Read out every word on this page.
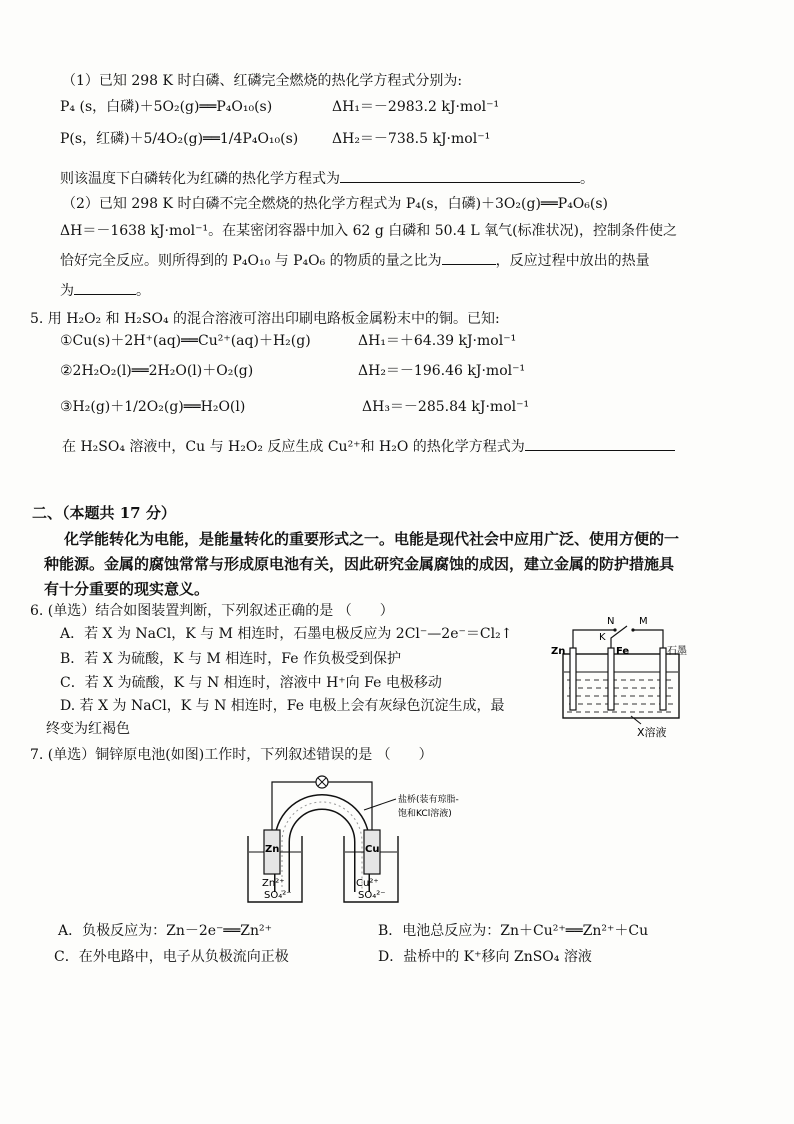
（1）已知 298 K 时白磷、红磷完全燃烧的热化学方程式分别为:
P₄ (s，白磷)＋5O₂(g)══P₄O₁₀(s)	ΔH₁＝－2983.2 kJ·mol⁻¹
P(s，红磷)＋5/4O₂(g)══1/4P₄O₁₀(s) ΔH₂＝－738.5 kJ·mol⁻¹
则该温度下白磷转化为红磷的热化学方程式为	。
（2）已知 298 K 时白磷不完全燃烧的热化学方程式为 P₄(s，白磷)＋3O₂(g)══P₄O₆(s)
ΔH＝－1638 kJ·mol⁻¹。在某密闭容器中加入 62 g 白磷和 50.4 L 氧气(标准状况)，控制条件使之
恰好完全反应。则所得到的 P₄O₁₀ 与 P₄O₆ 的物质的量之比为	，反应过程中放出的热量
为	。
5. 用 H₂O₂ 和 H₂SO₄ 的混合溶液可溶出印刷电路板金属粉末中的铜。已知:
①Cu(s)＋2H⁺(aq)══Cu²⁺(aq)＋H₂(g)	ΔH₁＝＋64.39 kJ·mol⁻¹
②2H₂O₂(l)══2H₂O(l)＋O₂(g)	ΔH₂＝－196.46 kJ·mol⁻¹
③H₂(g)＋1/2O₂(g)══H₂O(l)	ΔH₃＝－285.84 kJ·mol⁻¹
在 H₂SO₄ 溶液中，Cu 与 H₂O₂ 反应生成 Cu²⁺和 H₂O 的热化学方程式为
二、（本题共 17 分）
化学能转化为电能，是能量转化的重要形式之一。电能是现代社会中应用广泛、使用方便的一
种能源。金属的腐蚀常常与形成原电池有关，因此研究金属腐蚀的成因，建立金属的防护措施具
有十分重要的现实意义。
6. (单选）结合如图装置判断，下列叙述正确的是 （　　）
A．若 X 为 NaCl，K 与 M 相连时，石墨电极反应为 2Cl⁻—2e⁻＝Cl₂↑
B．若 X 为硫酸，K 与 M 相连时，Fe 作负极受到保护
C．若 X 为硫酸，K 与 N 相连时，溶液中 H⁺向 Fe 电极移动
D. 若 X 为 NaCl，K 与 N 相连时，Fe 电极上会有灰绿色沉淀生成，最
终变为红褐色
N M
K
Zn	Fe	石墨
X溶液
7. (单选）铜锌原电池(如图)工作时，下列叙述错误的是 （　　）
灯泡	盐桥(装有琼脂-
饱和KCl溶液)
Zn	Cu
Zn²⁺
SO₄²⁻
Cu²⁺
SO₄²⁻
A．负极反应为：Zn－2e⁻══Zn²⁺	B．电池总反应为：Zn＋Cu²⁺══Zn²⁺＋Cu
C．在外电路中，电子从负极流向正极	D．盐桥中的 K⁺移向 ZnSO₄ 溶液
